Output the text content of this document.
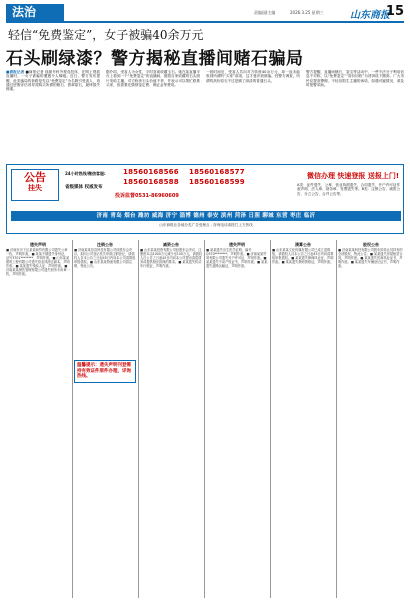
法治	责编/副主编	2026.3.25 星期三	山东商报
15
轻信“免费鉴定”，女子被骗40余万元
石头刷绿漆？警方揭秘直播间赌石骗局
■商报记者 ■商报记者 视频号科外观竞技体，在网上观看直播时，一女子被骗的遭遇令人唏嘘。近日，警方发布提醒，此类骗局的套路是先以“免费鉴定”为名吸引受害人，再通过虚假评估诱导其购买所谓的赌石、翡翠原石，最终损失惨重。
据介绍，受害人为女性，平时喜欢收藏玉石。她在某直播平台上看到一个“免费鉴定”的直播间，便将自家收藏的石头照片发给主播。对方称该石头价值不菲，并表示可以帮忙联系买家，但需要先缴纳鉴定费、保证金等费用。
一段时间后，受害人共向对方转账40余万元，却一直未能收到所谓的“买家”款项，这才意识到被骗。经警方调查，所谓的高价原石不过是刷了绿漆的普通石头。
警方提醒，直播间赌石、鉴宝等活动中，一些不法分子利用信息不对称，以“免费鉴定”“高价回收”为诱饵设下圈套。广大市民应提高警惕，不轻信陌生主播的承诺，如遇可疑情况，请及时报警求助。
公告
挂失
24小时热线/微信客服: 18560168566 18560168577
18560168588 18560168599
省级媒体 权威发布
投诉监督0531-86960609
微信办理 快速登报 送报上门!
A类：证件遗失、公章、营业执照遗失、合同遗失，开户许可证作废声明、法人章、财务章、发票遗失等。B类：注销公告、减资公告、分立公告、合并公告等。
济南 青岛 烟台 潍坊 威海 济宁 淄博 德州 泰安 滨州 菏泽 日照 聊城 东营 枣庄 临沂
山东商报社各地分类广告受理点 - 咨询电话请拨打上方热线
遗失声明
■ 济南市历下区某某商贸有限公司遗失公章一枚，声明作废。■ 某某不慎遗失身份证，证号3701********，声明作废。■ 山东某某建筑工程有限公司遗失营业执照正副本，声明作废。■ 某某遗失残疾人证，声明作废。■ 济南某某餐饮管理有限公司遗失财务专用章一枚，声明作废。
注销公告
■ 济南某某信息科技有限公司经股东会决议，拟向公司登记机关申请注销登记，请债权人自本公告之日起45日内向本公司清算组申报债权。■ 山东某某物流有限公司拟注销，特此公告。
减资公告
■ 山东某某投资有限公司经股东会决议，注册资本由1000万元减少至100万元，请债权人自公告之日起45日内向本公司提出清偿债务或提供相应担保的要求。■ 某某遗失机动车行驶证，声明作废。
遗失声明
■ 某某遗失出生医学证明，编号Q370********，声明作废。■ 济南某某贸易有限公司遗失开户许可证，声明作废。■ 某某遗失不动产权证书，声明作废。■ 某某遗失道路运输证，声明作废。
清算公告
■ 山东某某文化传媒有限公司已成立清算组，请债权人自本公告之日起45日内向清算组申报债权。■ 某某遗失律师执业证，声明作废。■ 某某遗失教师资格证，声明作废。
股权公告
■ 济南某某科技有限公司股东拟转让其持有的全部股权，特此公告。■ 某某遗失房屋租赁合同，声明作废。■ 某某遗失医师执业证书，声明作废。■ 某某遗失车辆登记证书，声明作废。
温馨提示：遗失声明刊登需持有效证件原件办理，详询热线。
